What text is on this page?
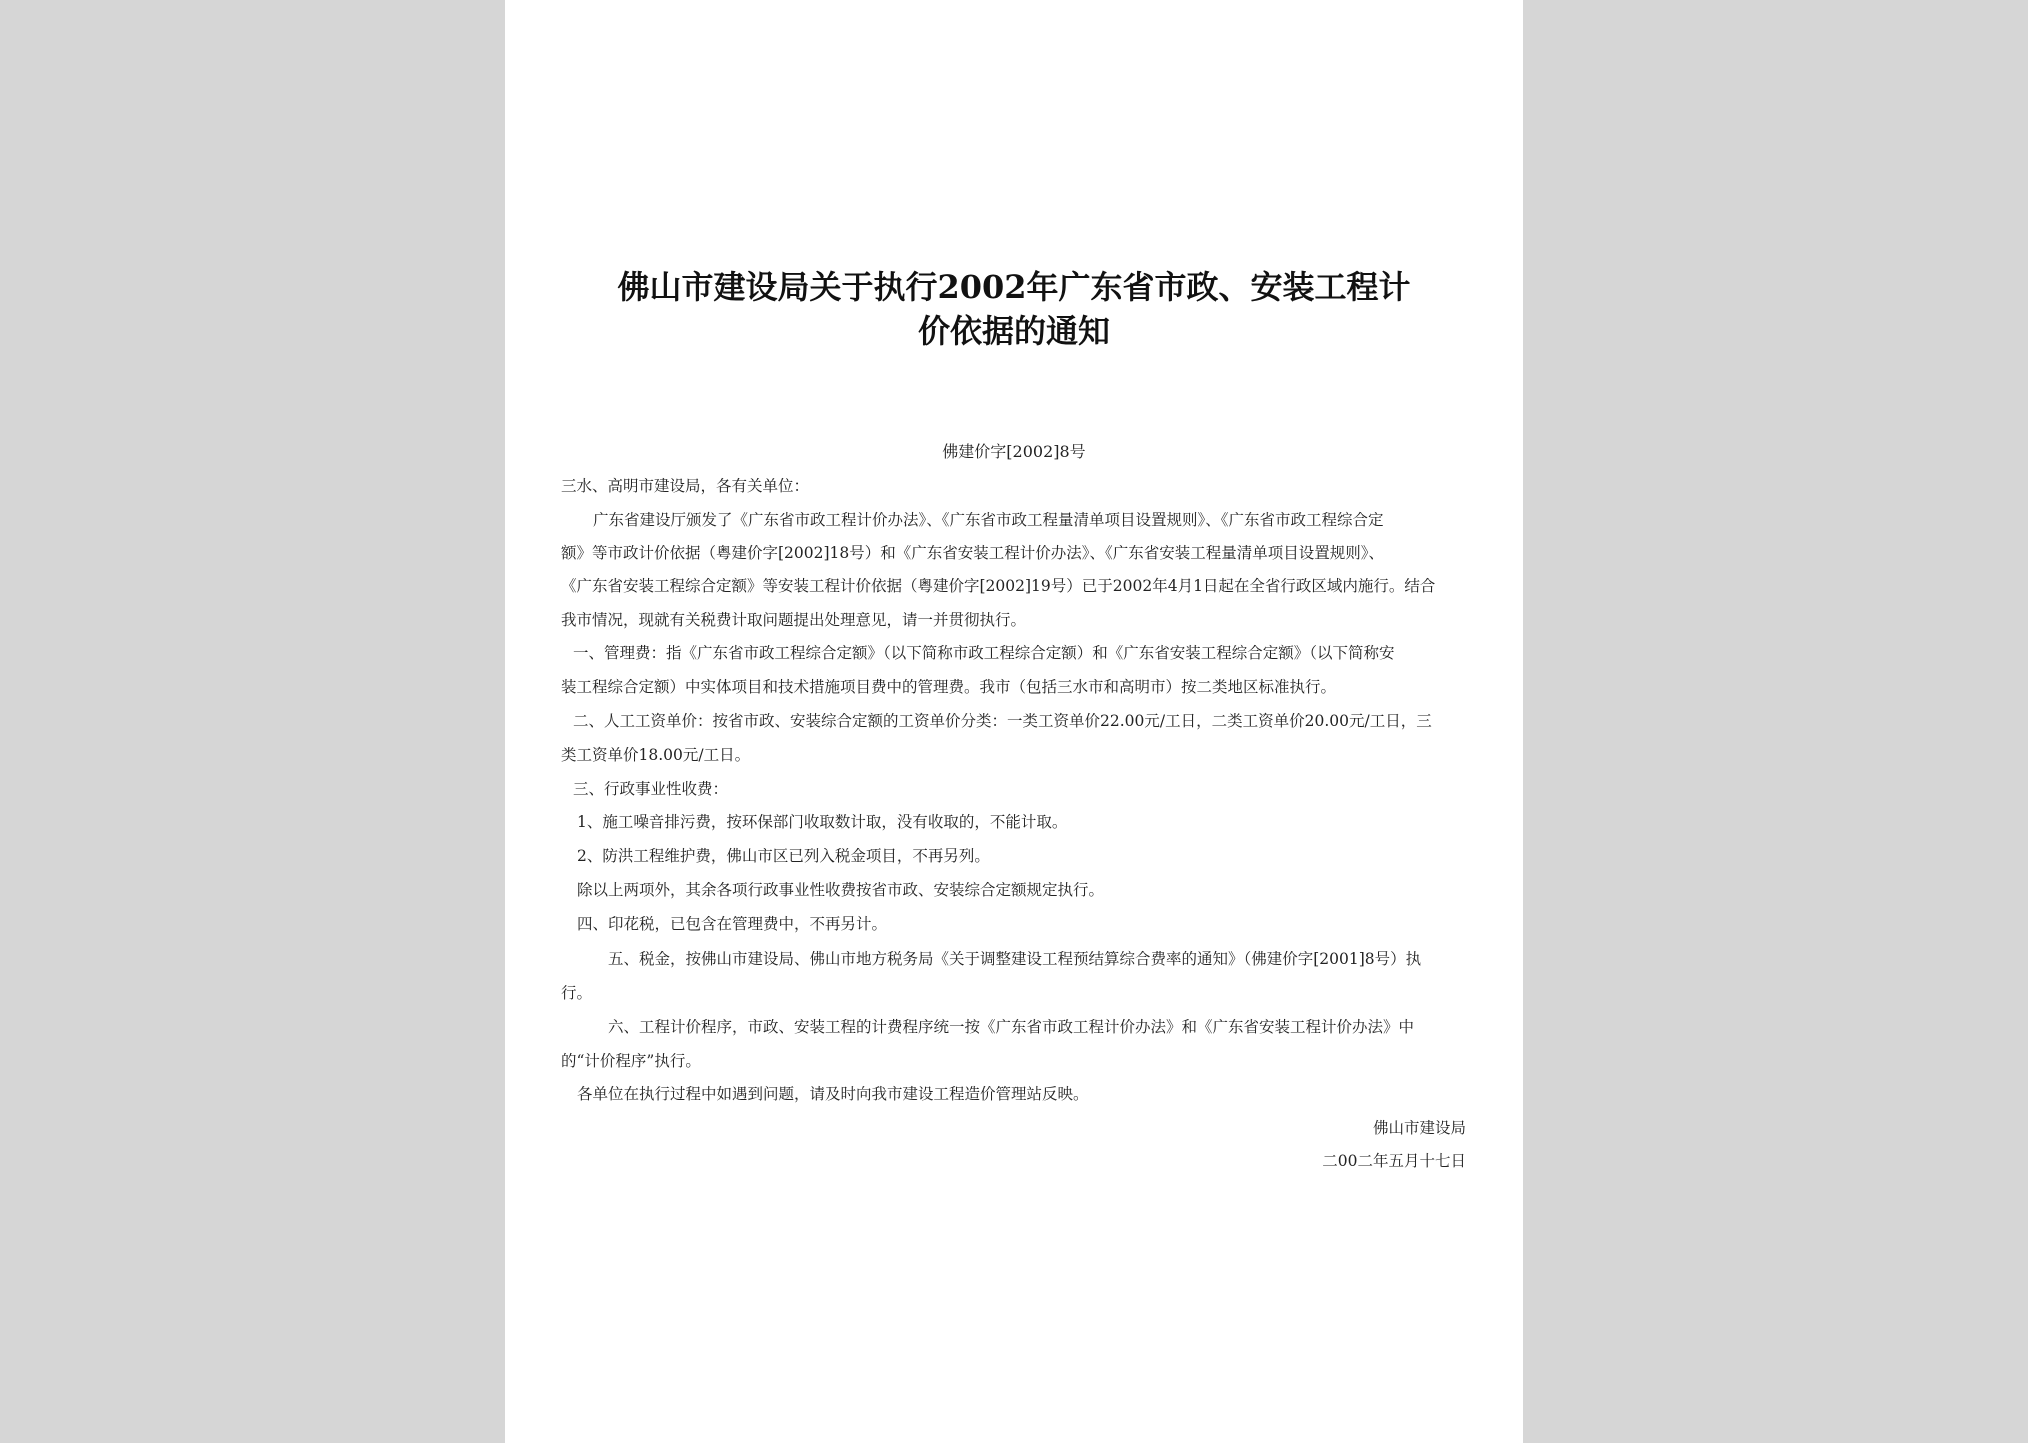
佛山市建设局关于执行2002年广东省市政、安装工程计
价依据的通知
佛建价字[2002]8号
三水、高明市建设局，各有关单位：
广东省建设厅颁发了《广东省市政工程计价办法》、《广东省市政工程量清单项目设置规则》、《广东省市政工程综合定
额》等市政计价依据（粤建价字[2002]18号）和《广东省安装工程计价办法》、《广东省安装工程量清单项目设置规则》、
《广东省安装工程综合定额》等安装工程计价依据（粤建价字[2002]19号）已于2002年4月1日起在全省行政区域内施行。结合
我市情况，现就有关税费计取问题提出处理意见，请一并贯彻执行。
一、管理费：指《广东省市政工程综合定额》（以下简称市政工程综合定额）和《广东省安装工程综合定额》（以下简称安
装工程综合定额）中实体项目和技术措施项目费中的管理费。我市（包括三水市和高明市）按二类地区标准执行。
二、人工工资单价：按省市政、安装综合定额的工资单价分类：一类工资单价22.00元/工日，二类工资单价20.00元/工日，三
类工资单价18.00元/工日。
三、行政事业性收费：
1、施工噪音排污费，按环保部门收取数计取，没有收取的，不能计取。
2、防洪工程维护费，佛山市区已列入税金项目，不再另列。
除以上两项外，其余各项行政事业性收费按省市政、安装综合定额规定执行。
四、印花税，已包含在管理费中，不再另计。
五、税金，按佛山市建设局、佛山市地方税务局《关于调整建设工程预结算综合费率的通知》（佛建价字[2001]8号）执
行。
六、工程计价程序，市政、安装工程的计费程序统一按《广东省市政工程计价办法》和《广东省安装工程计价办法》中
的“计价程序”执行。
各单位在执行过程中如遇到问题，请及时向我市建设工程造价管理站反映。
佛山市建设局
二00二年五月十七日
